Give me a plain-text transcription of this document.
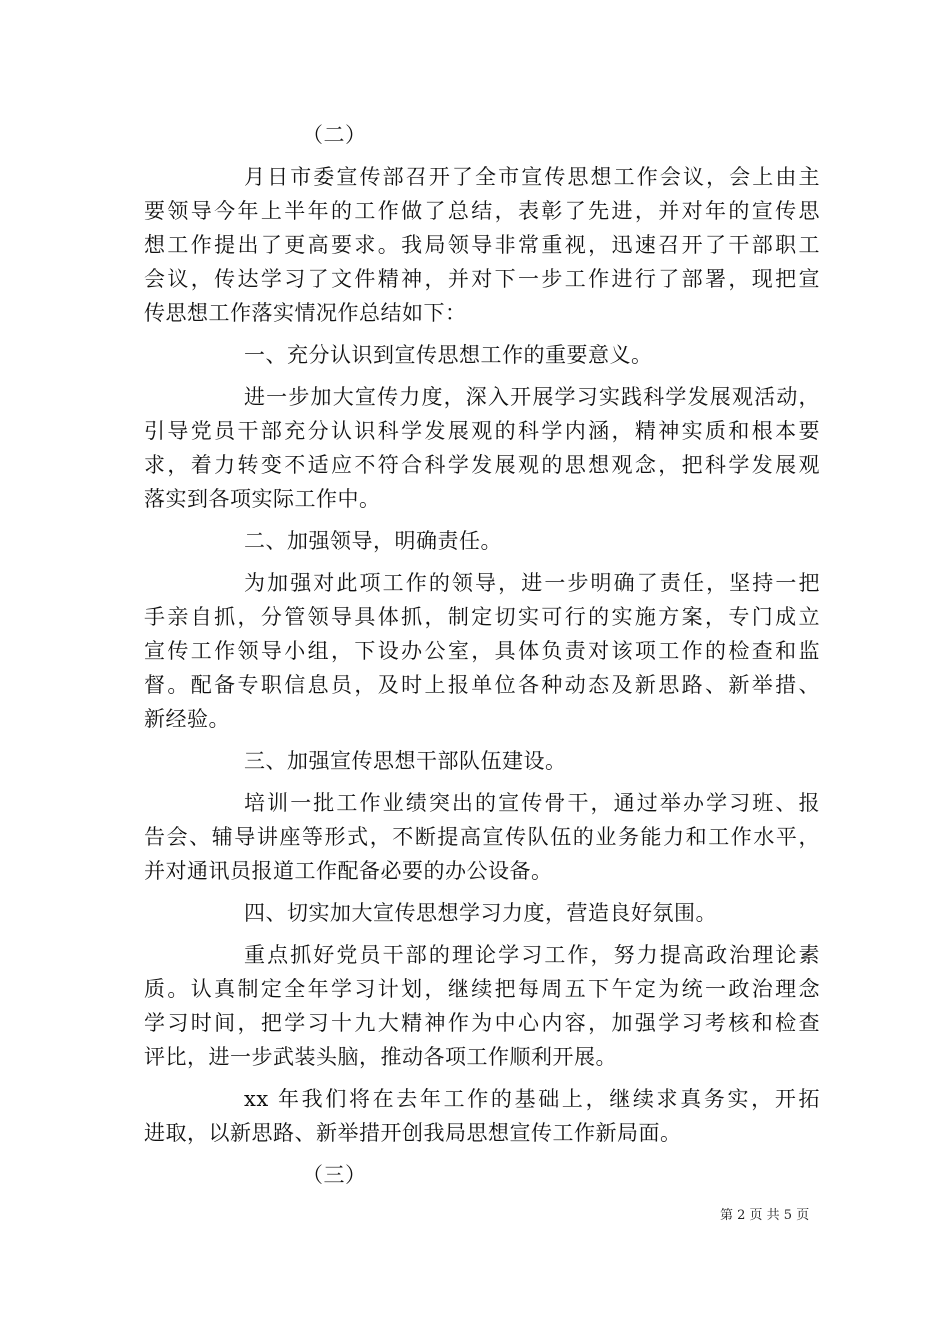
（二）
月日市委宣传部召开了全市宣传思想工作会议，会上由主
要领导今年上半年的工作做了总结，表彰了先进，并对年的宣传思
想工作提出了更高要求。我局领导非常重视，迅速召开了干部职工
会议，传达学习了文件精神，并对下一步工作进行了部署，现把宣
传思想工作落实情况作总结如下：
一、充分认识到宣传思想工作的重要意义。
进一步加大宣传力度，深入开展学习实践科学发展观活动，
引导党员干部充分认识科学发展观的科学内涵，精神实质和根本要
求，着力转变不适应不符合科学发展观的思想观念，把科学发展观
落实到各项实际工作中。
二、加强领导，明确责任。
为加强对此项工作的领导，进一步明确了责任，坚持一把
手亲自抓，分管领导具体抓，制定切实可行的实施方案，专门成立
宣传工作领导小组，下设办公室，具体负责对该项工作的检查和监
督。配备专职信息员，及时上报单位各种动态及新思路、新举措、
新经验。
三、加强宣传思想干部队伍建设。
培训一批工作业绩突出的宣传骨干，通过举办学习班、报
告会、辅导讲座等形式，不断提高宣传队伍的业务能力和工作水平，
并对通讯员报道工作配备必要的办公设备。
四、切实加大宣传思想学习力度，营造良好氛围。
重点抓好党员干部的理论学习工作，努力提高政治理论素
质。认真制定全年学习计划，继续把每周五下午定为统一政治理念
学习时间，把学习十九大精神作为中心内容，加强学习考核和检查
评比，进一步武装头脑，推动各项工作顺利开展。
xx 年我们将在去年工作的基础上，继续求真务实，开拓
进取，以新思路、新举措开创我局思想宣传工作新局面。
（三）
第 2 页 共 5 页
